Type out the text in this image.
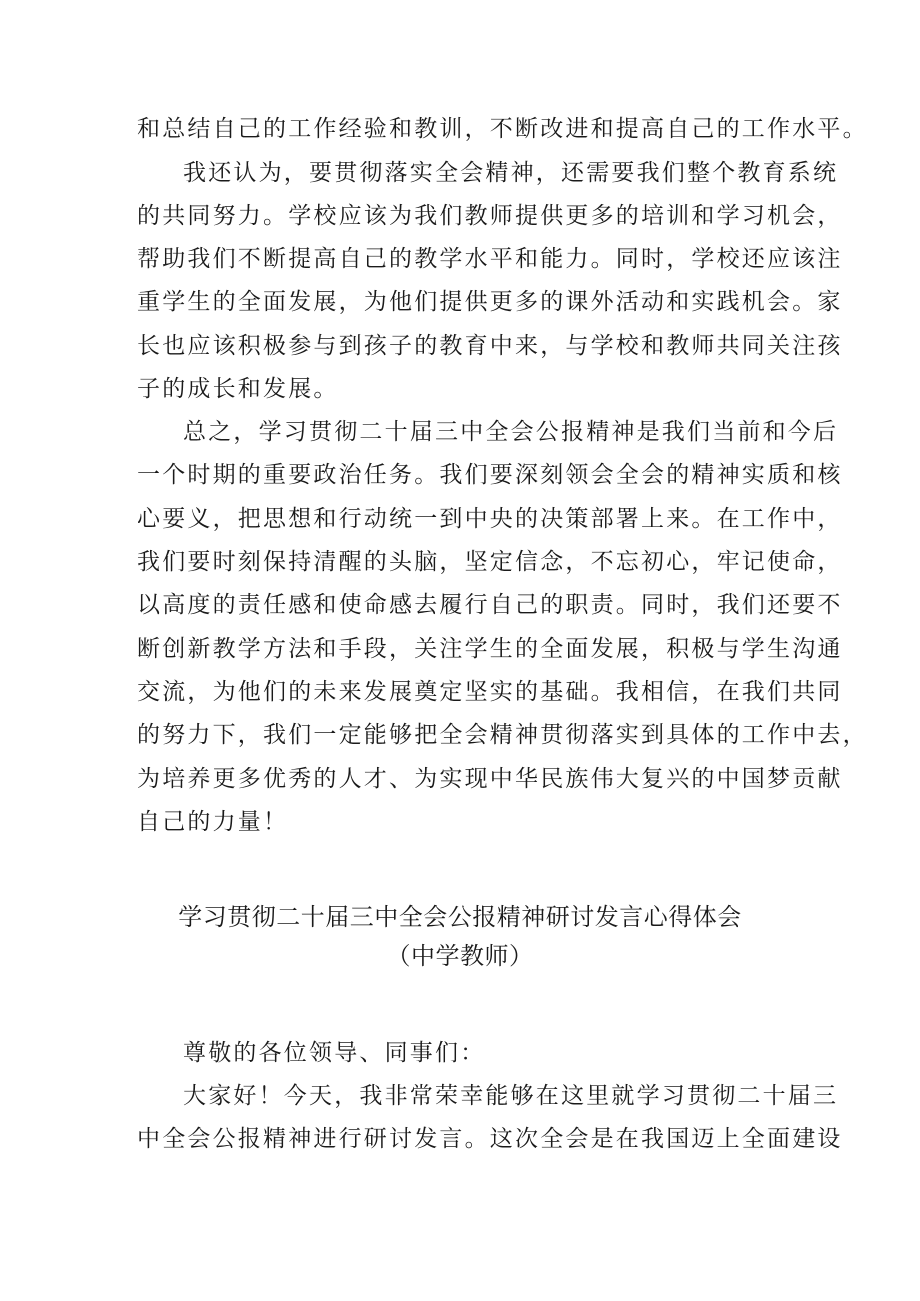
和总结自己的工作经验和教训，不断改进和提高自己的工作水平。
我还认为，要贯彻落实全会精神，还需要我们整个教育系统
的共同努力。学校应该为我们教师提供更多的培训和学习机会，
帮助我们不断提高自己的教学水平和能力。同时，学校还应该注
重学生的全面发展，为他们提供更多的课外活动和实践机会。家
长也应该积极参与到孩子的教育中来，与学校和教师共同关注孩
子的成长和发展。
总之，学习贯彻二十届三中全会公报精神是我们当前和今后
一个时期的重要政治任务。我们要深刻领会全会的精神实质和核
心要义，把思想和行动统一到中央的决策部署上来。在工作中，
我们要时刻保持清醒的头脑，坚定信念，不忘初心，牢记使命，
以高度的责任感和使命感去履行自己的职责。同时，我们还要不
断创新教学方法和手段，关注学生的全面发展，积极与学生沟通
交流，为他们的未来发展奠定坚实的基础。我相信，在我们共同
的努力下，我们一定能够把全会精神贯彻落实到具体的工作中去，
为培养更多优秀的人才、为实现中华民族伟大复兴的中国梦贡献
自己的力量！
学习贯彻二十届三中全会公报精神研讨发言心得体会
（中学教师）
尊敬的各位领导、同事们：
大家好！今天，我非常荣幸能够在这里就学习贯彻二十届三
中全会公报精神进行研讨发言。这次全会是在我国迈上全面建设
